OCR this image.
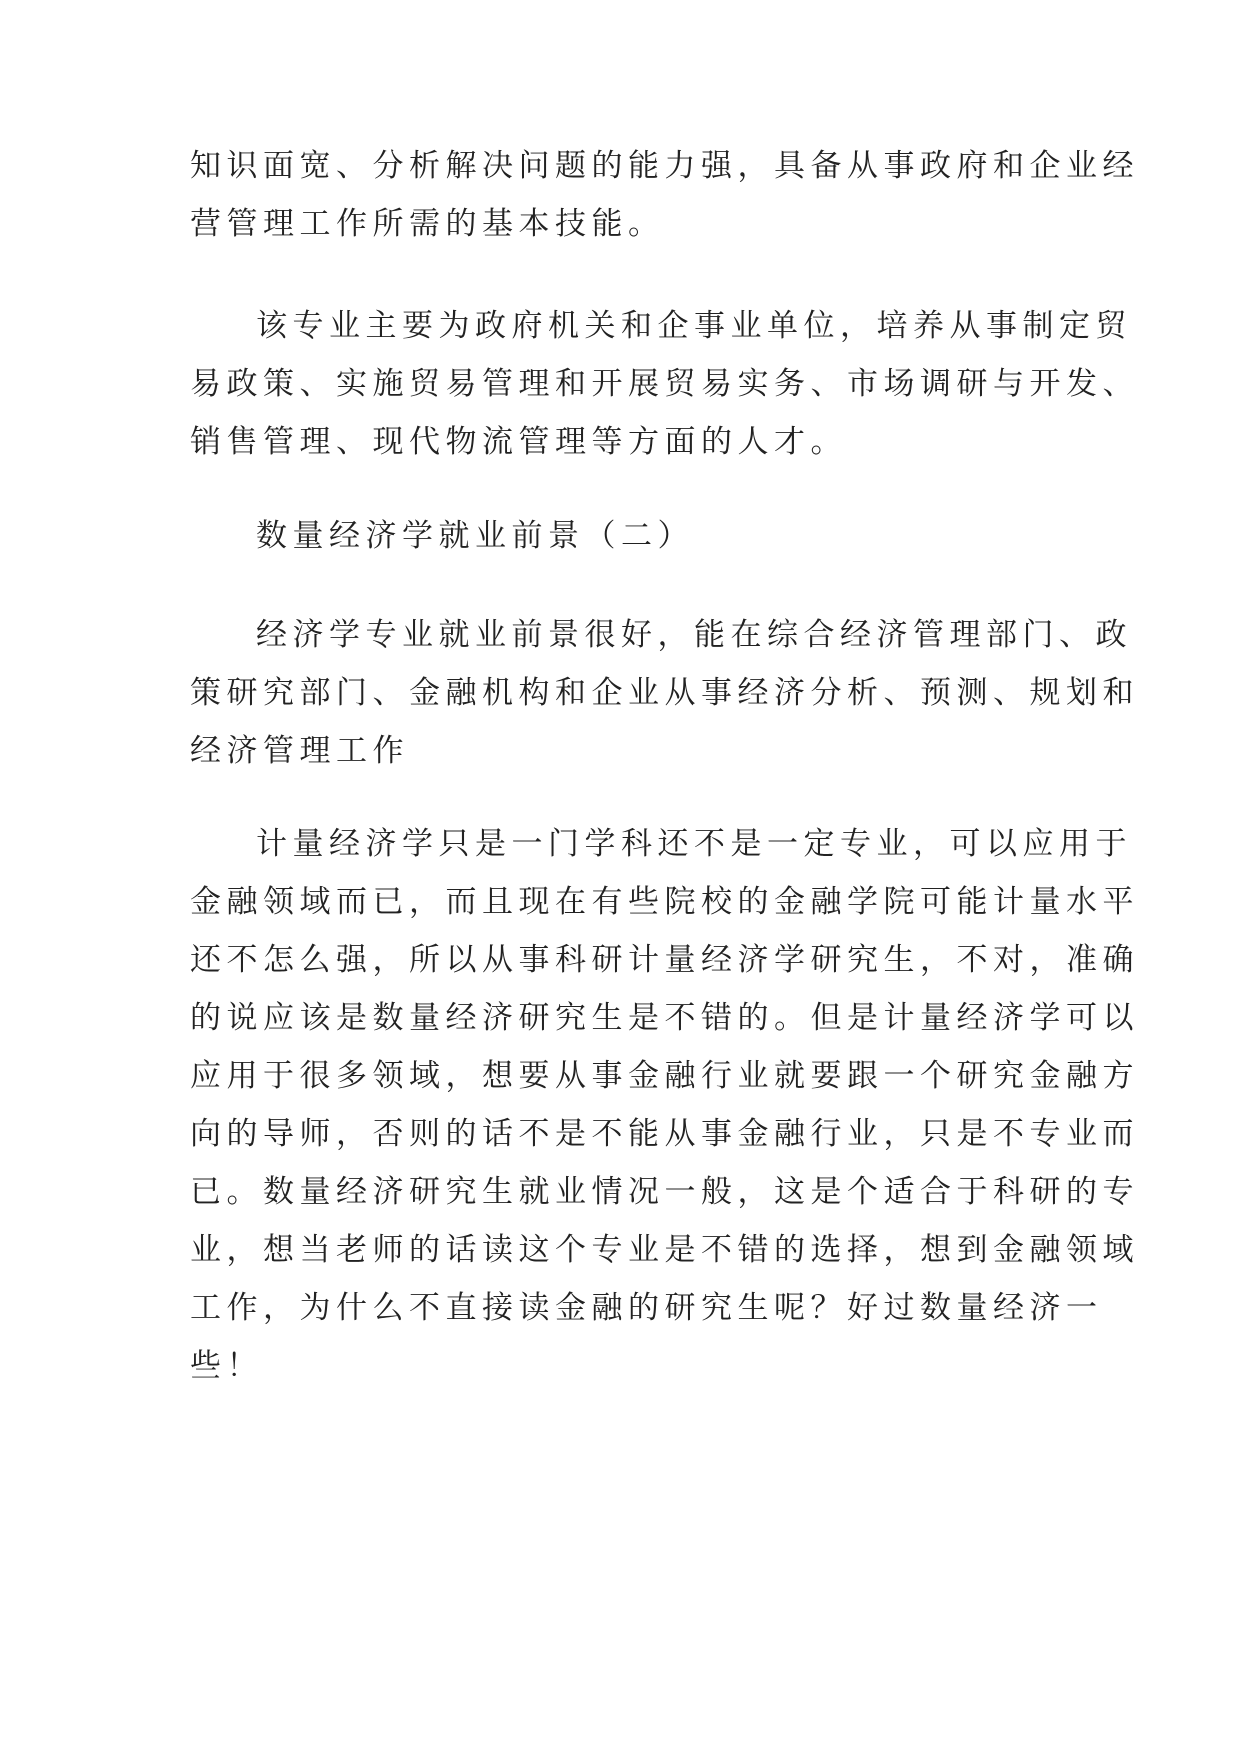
知识面宽、分析解决问题的能力强，具备从事政府和企业经
营管理工作所需的基本技能。
该专业主要为政府机关和企事业单位，培养从事制定贸
易政策、实施贸易管理和开展贸易实务、市场调研与开发、
销售管理、现代物流管理等方面的人才。
数量经济学就业前景（二）
经济学专业就业前景很好，能在综合经济管理部门、政
策研究部门、金融机构和企业从事经济分析、预测、规划和
经济管理工作
计量经济学只是一门学科还不是一定专业，可以应用于
金融领域而已，而且现在有些院校的金融学院可能计量水平
还不怎么强，所以从事科研计量经济学研究生，不对，准确
的说应该是数量经济研究生是不错的。但是计量经济学可以
应用于很多领域，想要从事金融行业就要跟一个研究金融方
向的导师，否则的话不是不能从事金融行业，只是不专业而
已。数量经济研究生就业情况一般，这是个适合于科研的专
业，想当老师的话读这个专业是不错的选择，想到金融领域
工作，为什么不直接读金融的研究生呢？好过数量经济一
些！
